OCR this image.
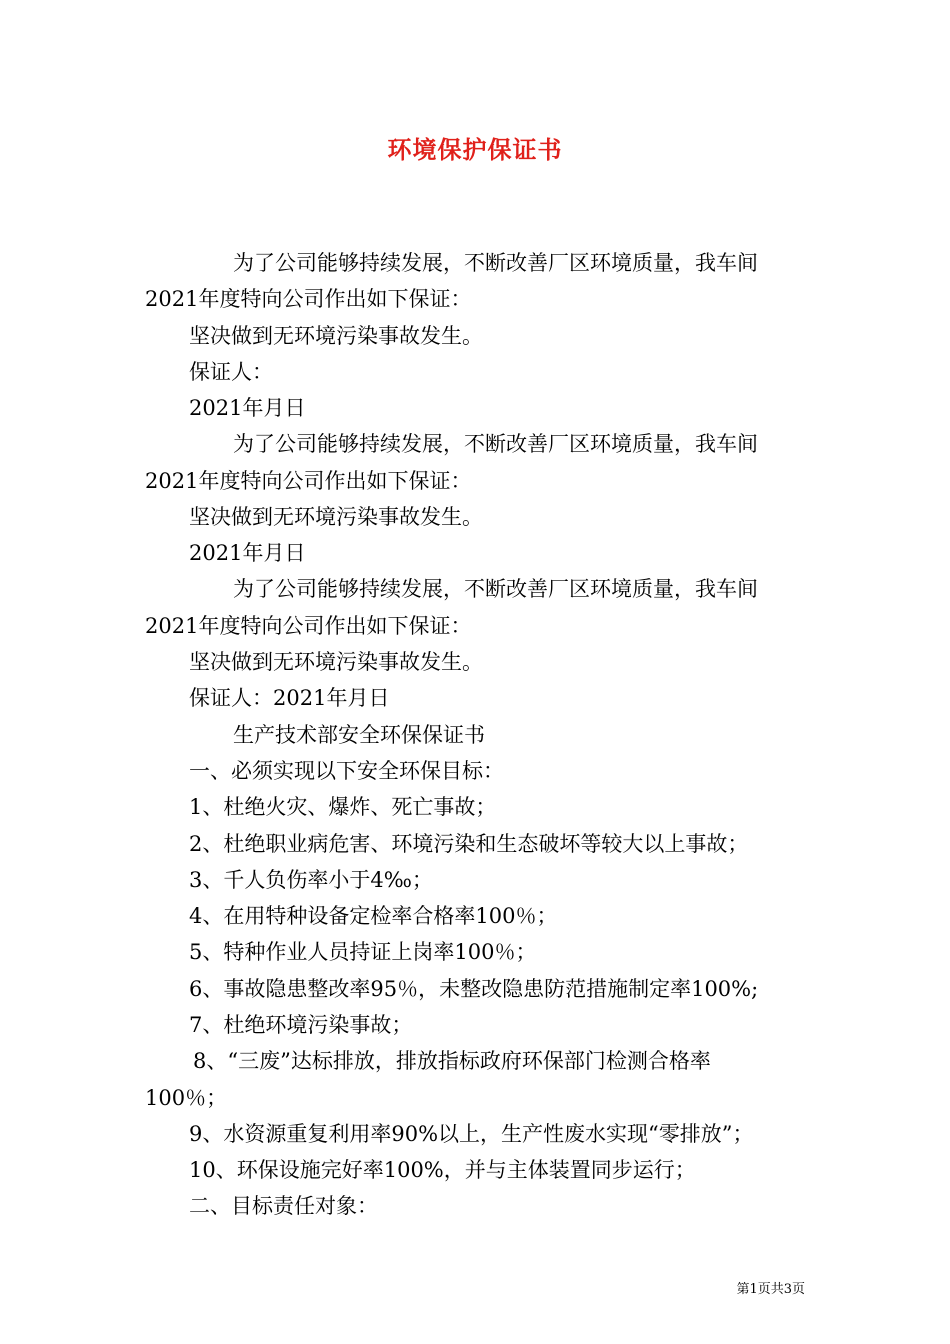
环境保护保证书
为了公司能够持续发展，不断改善厂区环境质量，我车间
2021年度特向公司作出如下保证：
坚决做到无环境污染事故发生。
保证人：
2021年月日
为了公司能够持续发展，不断改善厂区环境质量，我车间
2021年度特向公司作出如下保证：
坚决做到无环境污染事故发生。
2021年月日
为了公司能够持续发展，不断改善厂区环境质量，我车间
2021年度特向公司作出如下保证：
坚决做到无环境污染事故发生。
保证人：2021年月日
生产技术部安全环保保证书
一、必须实现以下安全环保目标：
1、杜绝火灾、爆炸、死亡事故；
2、杜绝职业病危害、环境污染和生态破坏等较大以上事故；
3、千人负伤率小于4‰；
4、在用特种设备定检率合格率100％；
5、特种作业人员持证上岗率100％；
6、事故隐患整改率95％，未整改隐患防范措施制定率100%;
7、杜绝环境污染事故；
8、“三废”达标排放，排放指标政府环保部门检测合格率
100％；
9、水资源重复利用率90%以上，生产性废水实现“零排放”；
10、环保设施完好率100%，并与主体装置同步运行；
二、目标责任对象：
第1页共3页
